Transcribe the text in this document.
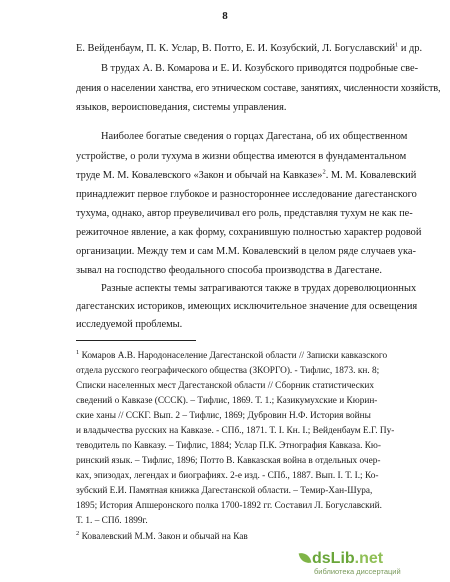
8
Е. Вейденбаум, П. К. Услар, В. Потто, Е. И. Козубский, Л. Богуславский$^1$ и др.
В трудах А. В. Комарова и Е. И. Козубского приводятся подробные све-
дения о населении ханства, его этническом составе, занятиях, численности хозяйств,
языков, вероисповедания, системы управления.
Наиболее богатые сведения о горцах Дагестана, об их общественном
устройстве, о роли тухума в жизни общества имеются в фундаментальном
труде М. М. Ковалевского «Закон и обычай на Кавказе»$^2$. М. М. Ковалевский
принадлежит первое глубокое и разностороннее исследование дагестанского
тухума, однако, автор преувеличивал его роль, представляя тухум не как пе-
режиточное явление, а как форму, сохранившую полностью характер родовой
организации. Между тем и сам М.М. Ковалевский в целом ряде случаев ука-
зывал на господство феодального способа производства в Дагестане.
Разные аспекты темы затрагиваются также в трудах дореволюционных
дагестанских историков, имеющих исключительное значение для освещения
исследуемой проблемы.
$^1$ Комаров А.В. Народонаселение Дагестанской области // Записки кавказского
отдела русского географического общества (ЗКОРГО). - Тифлис, 1873. кн. 8;
Списки населенных мест Дагестанской области // Сборник статистических
сведений о Кавказе (СССК). – Тифлис, 1869. Т. 1.; Казикумухские и Кюрин-
ские ханы // ССКГ. Вып. 2 – Тифлис, 1869; Дубровин Н.Ф. История войны
и владычества русских на Кавказе. - СПб., 1871. Т. I. Кн. I.; Вейденбаум Е.Г. Пу-
теводитель по Кавказу. – Тифлис, 1884; Услар П.К. Этнография Кавказа. Кю-
ринский язык. – Тифлис, 1896; Потто В. Кавказская война в отдельных очер-
ках, эпизодах, легендах и биографиях. 2-е изд. - СПб., 1887. Вып. I. Т. I.; Ко-
зубский Е.И. Памятная книжка Дагестанской области. – Темир-Хан-Шура,
1895; История Апшеронского полка 1700-1892 гг. Составил Л. Богуславский.
Т. 1. – СПб. 1899г.
$^2$ Ковалевский М.М. Закон и обычай на Кав
dsLib.net
библиотека диссертаций
